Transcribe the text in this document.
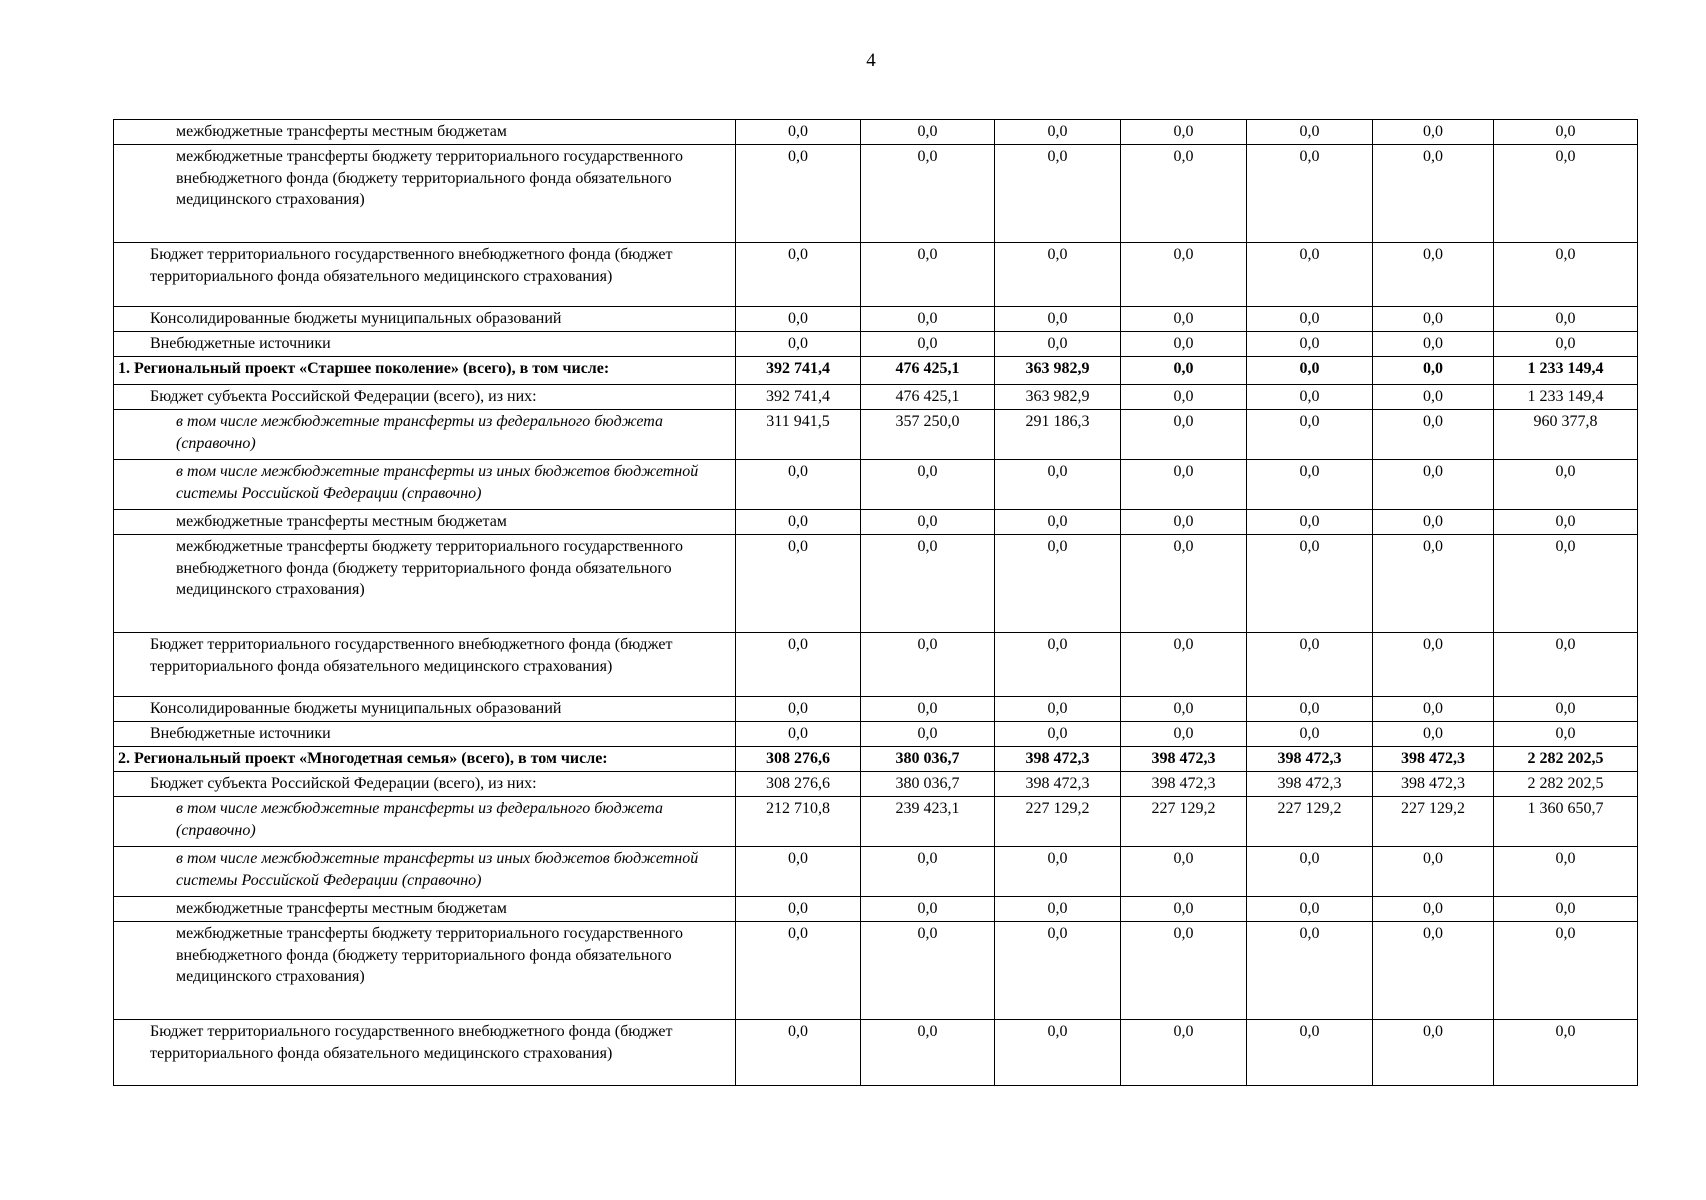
4
межбюджетные трансферты местным бюджетам	0,0	0,0	0,0	0,0	0,0	0,0	0,0
межбюджетные трансферты бюджету территориального государственного внебюджетного фонда (бюджету территориального фонда обязательного медицинского страхования)	0,0	0,0	0,0	0,0	0,0	0,0	0,0
Бюджет территориального государственного внебюджетного фонда (бюджет территориального фонда обязательного медицинского страхования)	0,0	0,0	0,0	0,0	0,0	0,0	0,0
Консолидированные бюджеты муниципальных образований	0,0	0,0	0,0	0,0	0,0	0,0	0,0
Внебюджетные источники	0,0	0,0	0,0	0,0	0,0	0,0	0,0
1. Региональный проект «Старшее поколение» (всего), в том числе:	392 741,4	476 425,1	363 982,9	0,0	0,0	0,0	1 233 149,4
Бюджет субъекта Российской Федерации (всего), из них:	392 741,4	476 425,1	363 982,9	0,0	0,0	0,0	1 233 149,4
в том числе межбюджетные трансферты из федерального бюджета (справочно)	311 941,5	357 250,0	291 186,3	0,0	0,0	0,0	960 377,8
в том числе межбюджетные трансферты из иных бюджетов бюджетной системы Российской Федерации (справочно)	0,0	0,0	0,0	0,0	0,0	0,0	0,0
межбюджетные трансферты местным бюджетам	0,0	0,0	0,0	0,0	0,0	0,0	0,0
межбюджетные трансферты бюджету территориального государственного внебюджетного фонда (бюджету территориального фонда обязательного медицинского страхования)	0,0	0,0	0,0	0,0	0,0	0,0	0,0
Бюджет территориального государственного внебюджетного фонда (бюджет территориального фонда обязательного медицинского страхования)	0,0	0,0	0,0	0,0	0,0	0,0	0,0
Консолидированные бюджеты муниципальных образований	0,0	0,0	0,0	0,0	0,0	0,0	0,0
Внебюджетные источники	0,0	0,0	0,0	0,0	0,0	0,0	0,0
2. Региональный проект «Многодетная семья» (всего), в том числе:	308 276,6	380 036,7	398 472,3	398 472,3	398 472,3	398 472,3	2 282 202,5
Бюджет субъекта Российской Федерации (всего), из них:	308 276,6	380 036,7	398 472,3	398 472,3	398 472,3	398 472,3	2 282 202,5
в том числе межбюджетные трансферты из федерального бюджета (справочно)	212 710,8	239 423,1	227 129,2	227 129,2	227 129,2	227 129,2	1 360 650,7
в том числе межбюджетные трансферты из иных бюджетов бюджетной системы Российской Федерации (справочно)	0,0	0,0	0,0	0,0	0,0	0,0	0,0
межбюджетные трансферты местным бюджетам	0,0	0,0	0,0	0,0	0,0	0,0	0,0
межбюджетные трансферты бюджету территориального государственного внебюджетного фонда (бюджету территориального фонда обязательного медицинского страхования)	0,0	0,0	0,0	0,0	0,0	0,0	0,0
Бюджет территориального государственного внебюджетного фонда (бюджет территориального фонда обязательного медицинского страхования)	0,0	0,0	0,0	0,0	0,0	0,0	0,0
